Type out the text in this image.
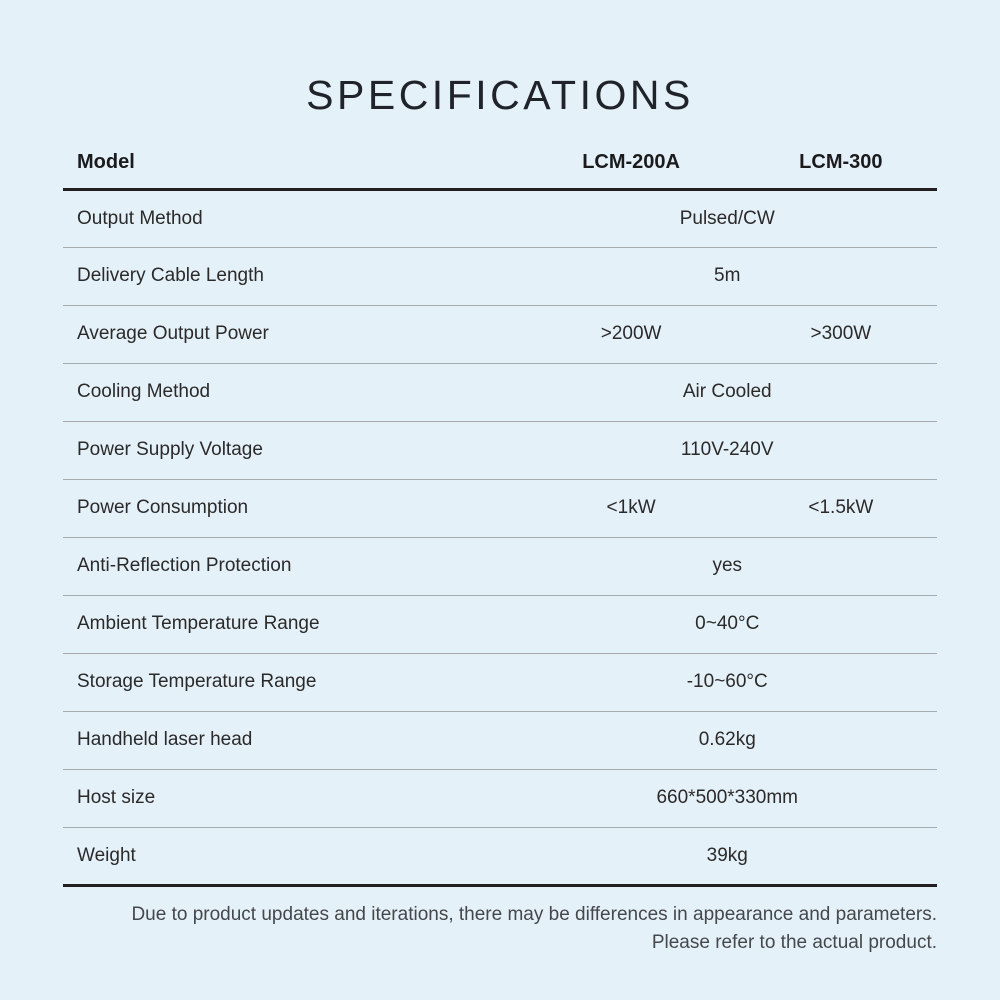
SPECIFICATIONS
Model	LCM-200A	LCM-300
Output Method	Pulsed/CW	
Delivery Cable Length	5m	
Average Output Power	>200W	>300W
Cooling Method	Air Cooled	
Power Supply Voltage	110V-240V	
Power Consumption	<1kW	<1.5kW
Anti-Reflection Protection	yes	
Ambient Temperature Range	0~40°C	
Storage Temperature Range	-10~60°C	
Handheld laser head	0.62kg	
Host size	660*500*330mm	
Weight	39kg	
Due to product updates and iterations, there may be differences in appearance and parameters.
Please refer to the actual product.
